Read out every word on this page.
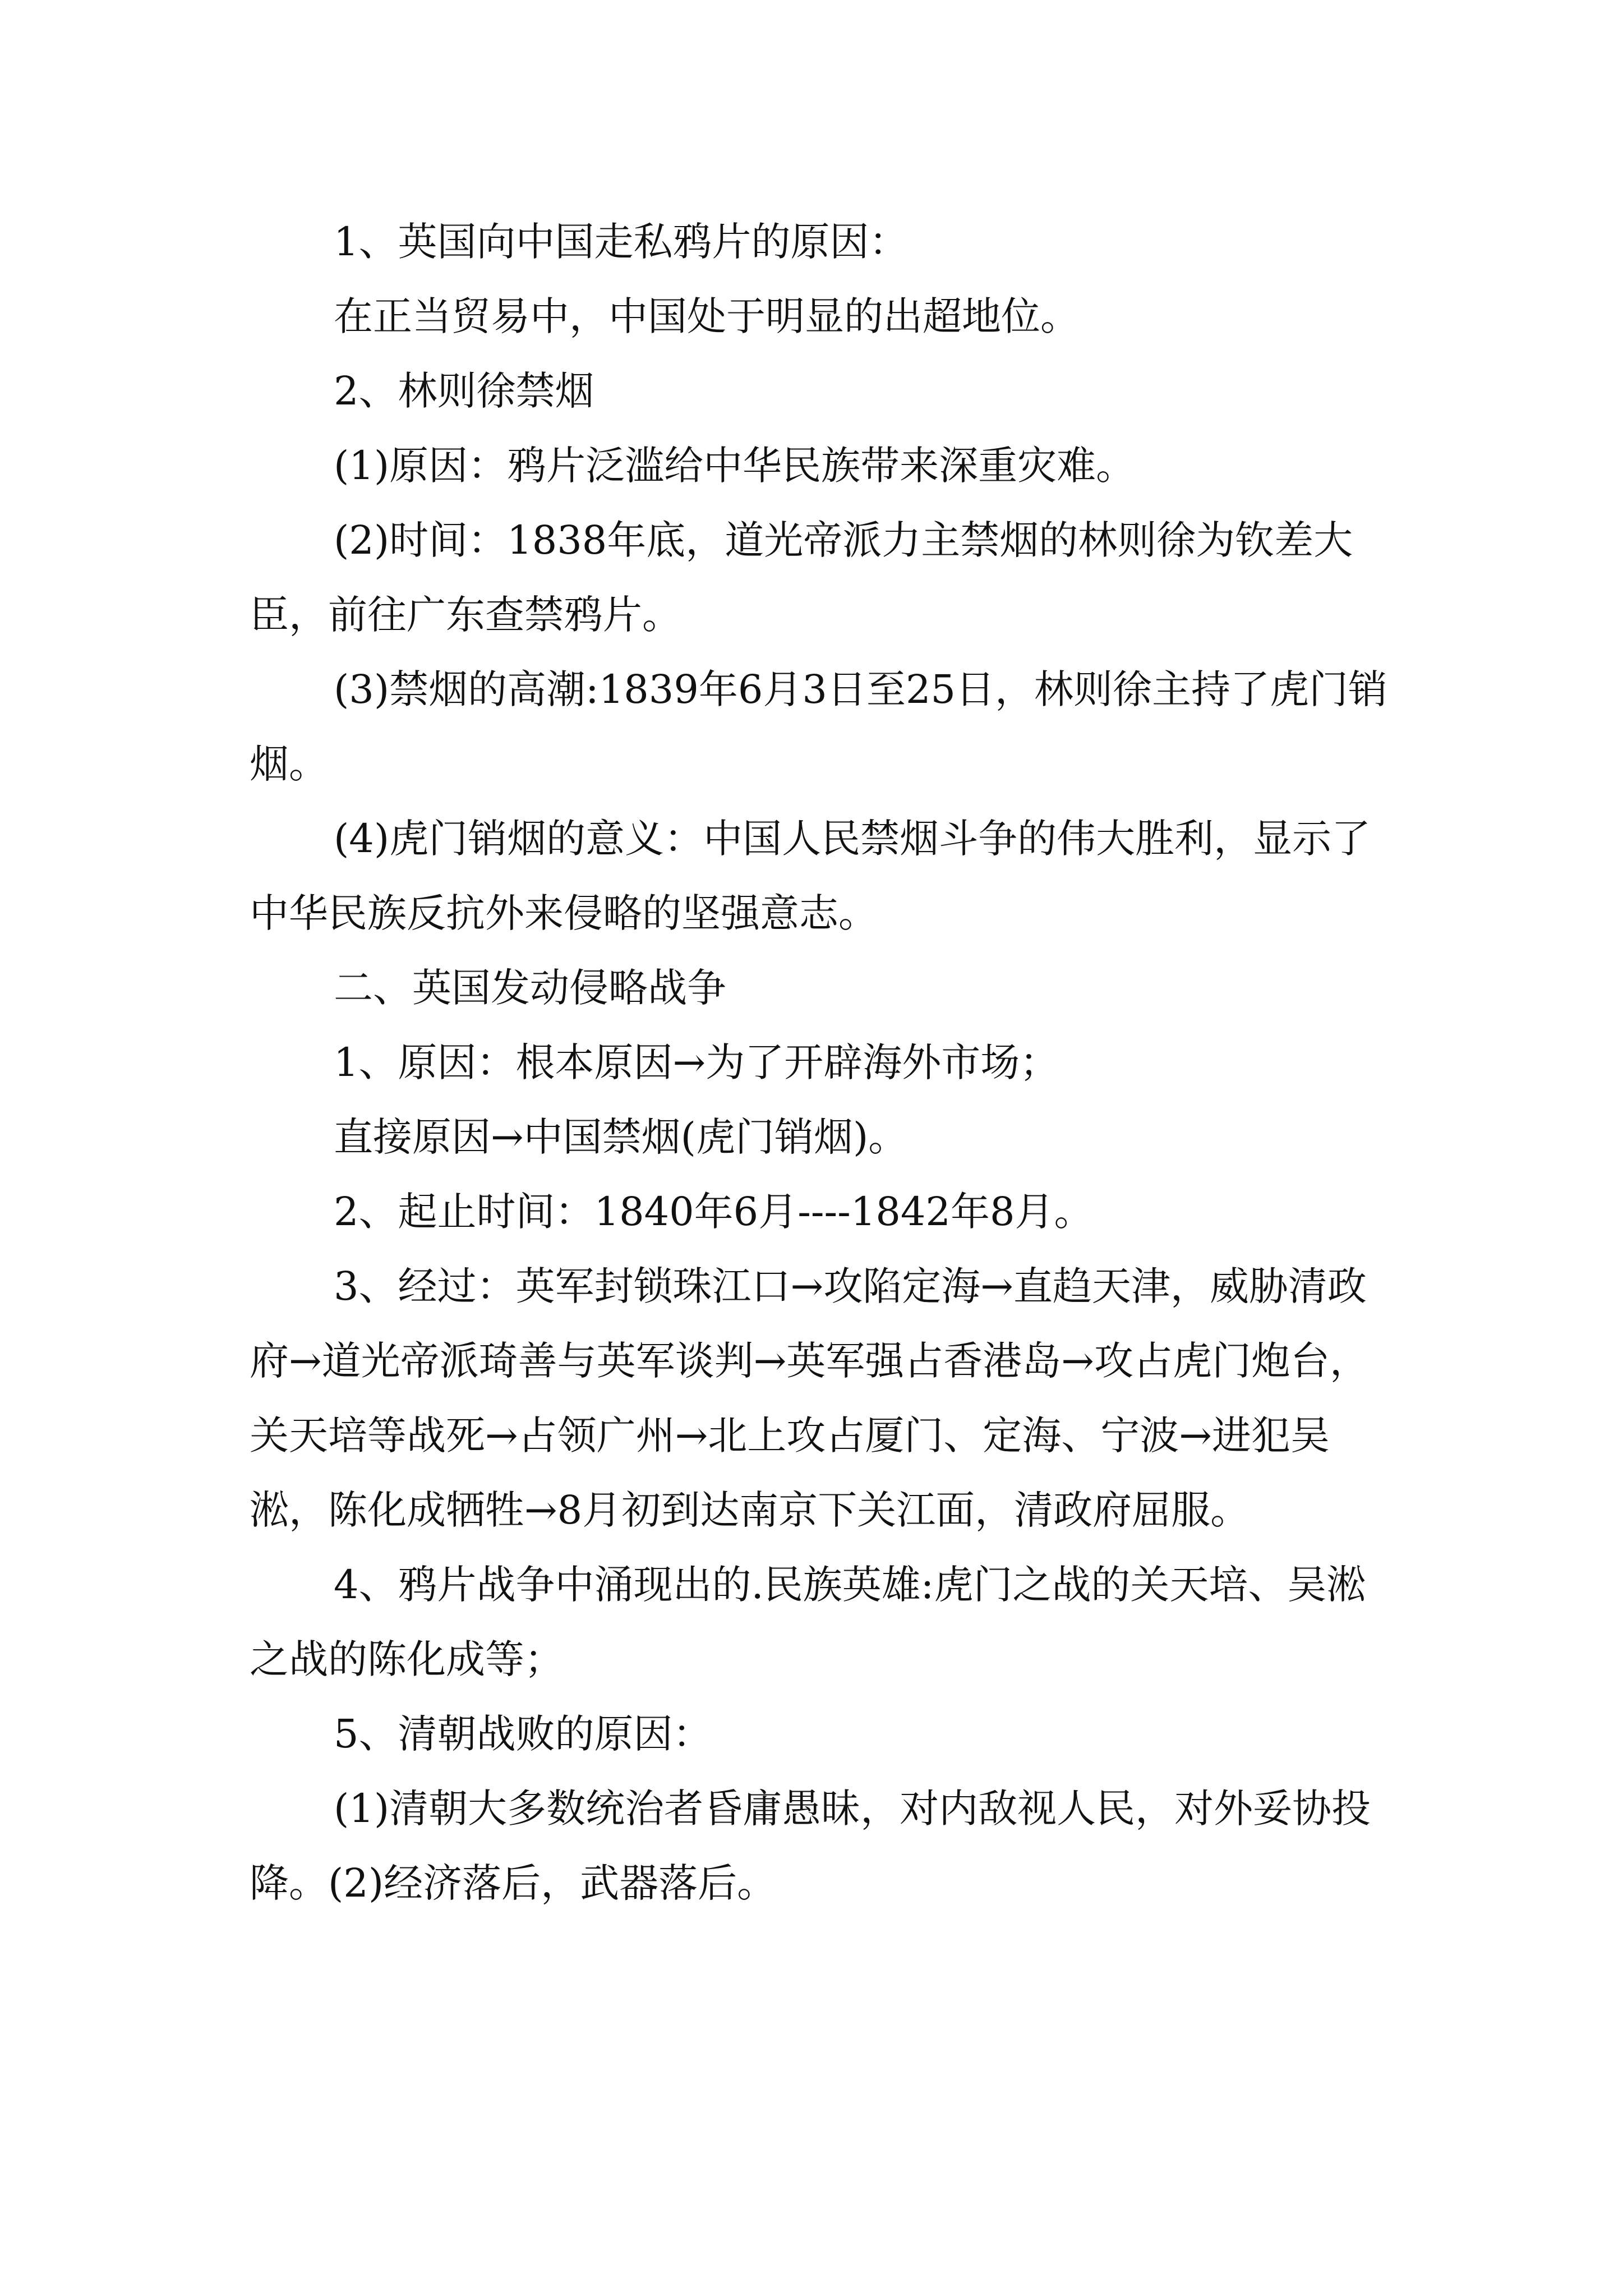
1、英国向中国走私鸦片的原因：

在正当贸易中，中国处于明显的出超地位。

2、林则徐禁烟

(1)原因：鸦片泛滥给中华民族带来深重灾难。

(2)时间：1838年底，道光帝派力主禁烟的林则徐为钦差大臣，前往广东查禁鸦片。

(3)禁烟的高潮:1839年6月3日至25日，林则徐主持了虎门销烟。

(4)虎门销烟的意义：中国人民禁烟斗争的伟大胜利，显示了中华民族反抗外来侵略的坚强意志。

二、英国发动侵略战争

1、原因：根本原因→为了开辟海外市场；

直接原因→中国禁烟(虎门销烟)。

2、起止时间：1840年6月----1842年8月。

3、经过：英军封锁珠江口→攻陷定海→直趋天津，威胁清政府→道光帝派琦善与英军谈判→英军强占香港岛→攻占虎门炮台，关天培等战死→占领广州→北上攻占厦门、定海、宁波→进犯吴淞，陈化成牺牲→8月初到达南京下关江面，清政府屈服。

4、鸦片战争中涌现出的.民族英雄:虎门之战的关天培、吴淞之战的陈化成等；

5、清朝战败的原因：

(1)清朝大多数统治者昏庸愚昧，对内敌视人民，对外妥协投降。(2)经济落后，武器落后。
